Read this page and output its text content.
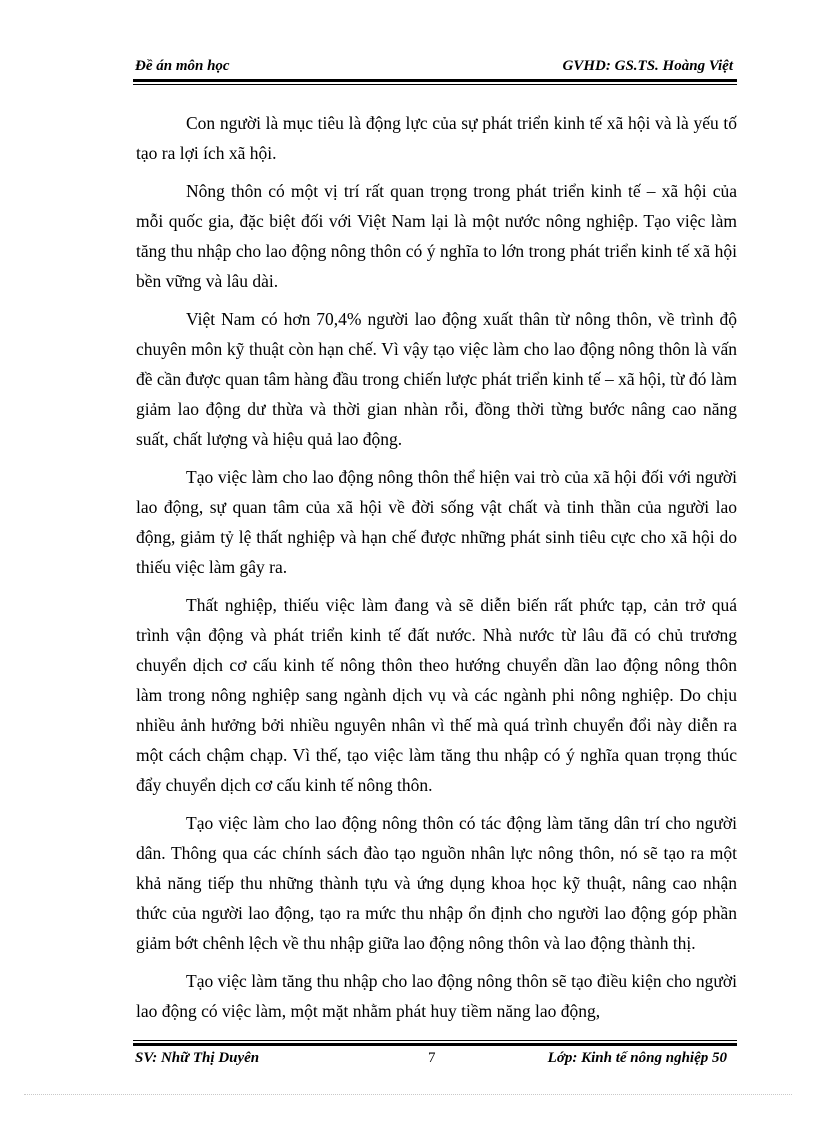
Đề án môn học	GVHD: GS.TS. Hoàng Việt

Con người là mục tiêu là động lực của sự phát triển kinh tế xã hội và là yếu tố tạo ra lợi ích xã hội.

Nông thôn có một vị trí rất quan trọng trong phát triển kinh tế – xã hội của mỗi quốc gia, đặc biệt đối với Việt Nam lại là một nước nông nghiệp. Tạo việc làm tăng thu nhập cho lao động nông thôn có ý nghĩa to lớn trong phát triển kinh tế xã hội bền vững và lâu dài.

Việt Nam có hơn 70,4% người lao động xuất thân từ nông thôn, về trình độ chuyên môn kỹ thuật còn hạn chế. Vì vậy tạo việc làm cho lao động nông thôn là vấn đề cần được quan tâm hàng đầu trong chiến lược phát triển kinh tế – xã hội, từ đó làm giảm lao động dư thừa và thời gian nhàn rỗi, đồng thời từng bước nâng cao năng suất, chất lượng và hiệu quả lao động.

Tạo việc làm cho lao động nông thôn thể hiện vai trò của xã hội đối với người lao động, sự quan tâm của xã hội về đời sống vật chất và tinh thần của người lao động, giảm tỷ lệ thất nghiệp và hạn chế được những phát sinh tiêu cực cho xã hội do thiếu việc làm gây ra.

Thất nghiệp, thiếu việc làm đang và sẽ diễn biến rất phức tạp, cản trở quá trình vận động và phát triển kinh tế đất nước. Nhà nước từ lâu đã có chủ trương chuyển dịch cơ cấu kinh tế nông thôn theo hướng chuyển dần lao động nông thôn làm trong nông nghiệp sang ngành dịch vụ và các ngành phi nông nghiệp. Do chịu nhiều ảnh hưởng bởi nhiều nguyên nhân vì thế mà quá trình chuyển đổi này diễn ra một cách chậm chạp. Vì thế, tạo việc làm tăng thu nhập có ý nghĩa quan trọng thúc đẩy chuyển dịch cơ cấu kinh tế nông thôn.

Tạo việc làm cho lao động nông thôn có tác động làm tăng dân trí cho người dân. Thông qua các chính sách đào tạo nguồn nhân lực nông thôn, nó sẽ tạo ra một khả năng tiếp thu những thành tựu và ứng dụng khoa học kỹ thuật, nâng cao nhận thức của người lao động, tạo ra mức thu nhập ổn định cho người lao động góp phần giảm bớt chênh lệch về thu nhập giữa lao động nông thôn và lao động thành thị.

Tạo việc làm tăng thu nhập cho lao động nông thôn sẽ tạo điều kiện cho người lao động có việc làm, một mặt nhằm phát huy tiềm năng lao động,

SV: Nhữ Thị Duyên	7	Lớp: Kinh tế nông nghiệp 50
